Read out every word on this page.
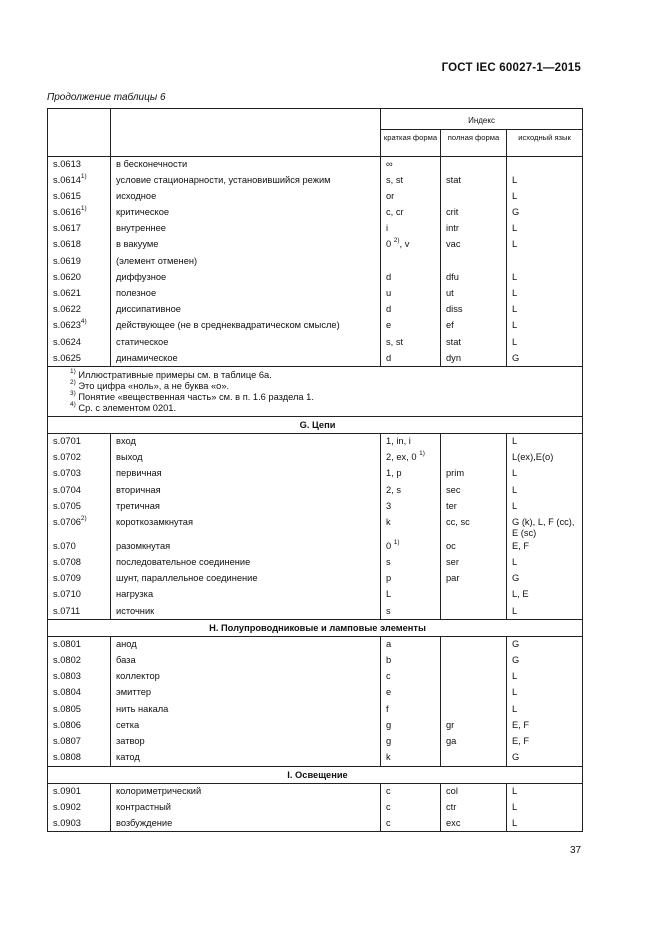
ГОСТ IEC 60027-1—2015
Продолжение таблицы 6
		Индекс		
		краткая форма	полная форма	исходный язык
s.0613	в бесконечности	∞		
s.0614$^{1)}$	условие стационарности, установившийся режим	s, st	stat	L
s.0615	исходное	or		L
s.0616$^{1)}$	критическое	c, cr	crit	G
s.0617	внутреннее	i	intr	L
s.0618	в вакууме	0 $^{2)}$, v	vac	L
s.0619	(элемент отменен)			
s.0620	диффузное	d	dfu	L
s.0621	полезное	u	ut	L
s.0622	диссипативное	d	diss	L
s.0623$^{4)}$	действующее (не в среднеквадратическом смысле)	e	ef	L
s.0624	статическое	s, st	stat	L
s.0625	динамическое	d	dyn	G

$^{1)}$ Иллюстративные примеры см. в таблице 6а.
$^{2)}$ Это цифра «ноль», а не буква «о».
$^{3)}$ Понятие «вещественная часть» см. в п. 1.6 раздела 1.
$^{4)}$ Ср. с элементом 0201.				

G. Цепи				
s.0701	вход	1, in, i		L
s.0702	выход	2, ex, 0 $^{1)}$		L(ex),E(o)
s.0703	первичная	1, p	prim	L
s.0704	вторичная	2, s	sec	L
s.0705	третичная	3	ter	L
s.0706$^{2)}$	короткозамкнутая	k	cc, sc	G (k), L, F (cc), E (sc)
s.070	разомкнутая	0 $^{1)}$	oc	E, F
s.0708	последовательное соединение	s	ser	L
s.0709	шунт, параллельное соединение	p	par	G
s.0710	нагрузка	L		L, E
s.0711	источник	s		L
H. Полупроводниковые и ламповые элементы				
s.0801	анод	a		G
s.0802	база	b		G
s.0803	коллектор	c		L
s.0804	эмиттер	e		L
s.0805	нить накала	f		L
s.0806	сетка	g	gr	E, F
s.0807	затвор	g	ga	E, F
s.0808	катод	k		G
I. Освещение				
s.0901	колориметрический	c	col	L
s.0902	контрастный	c	ctr	L
s.0903	возбуждение	c	exc	L
37
